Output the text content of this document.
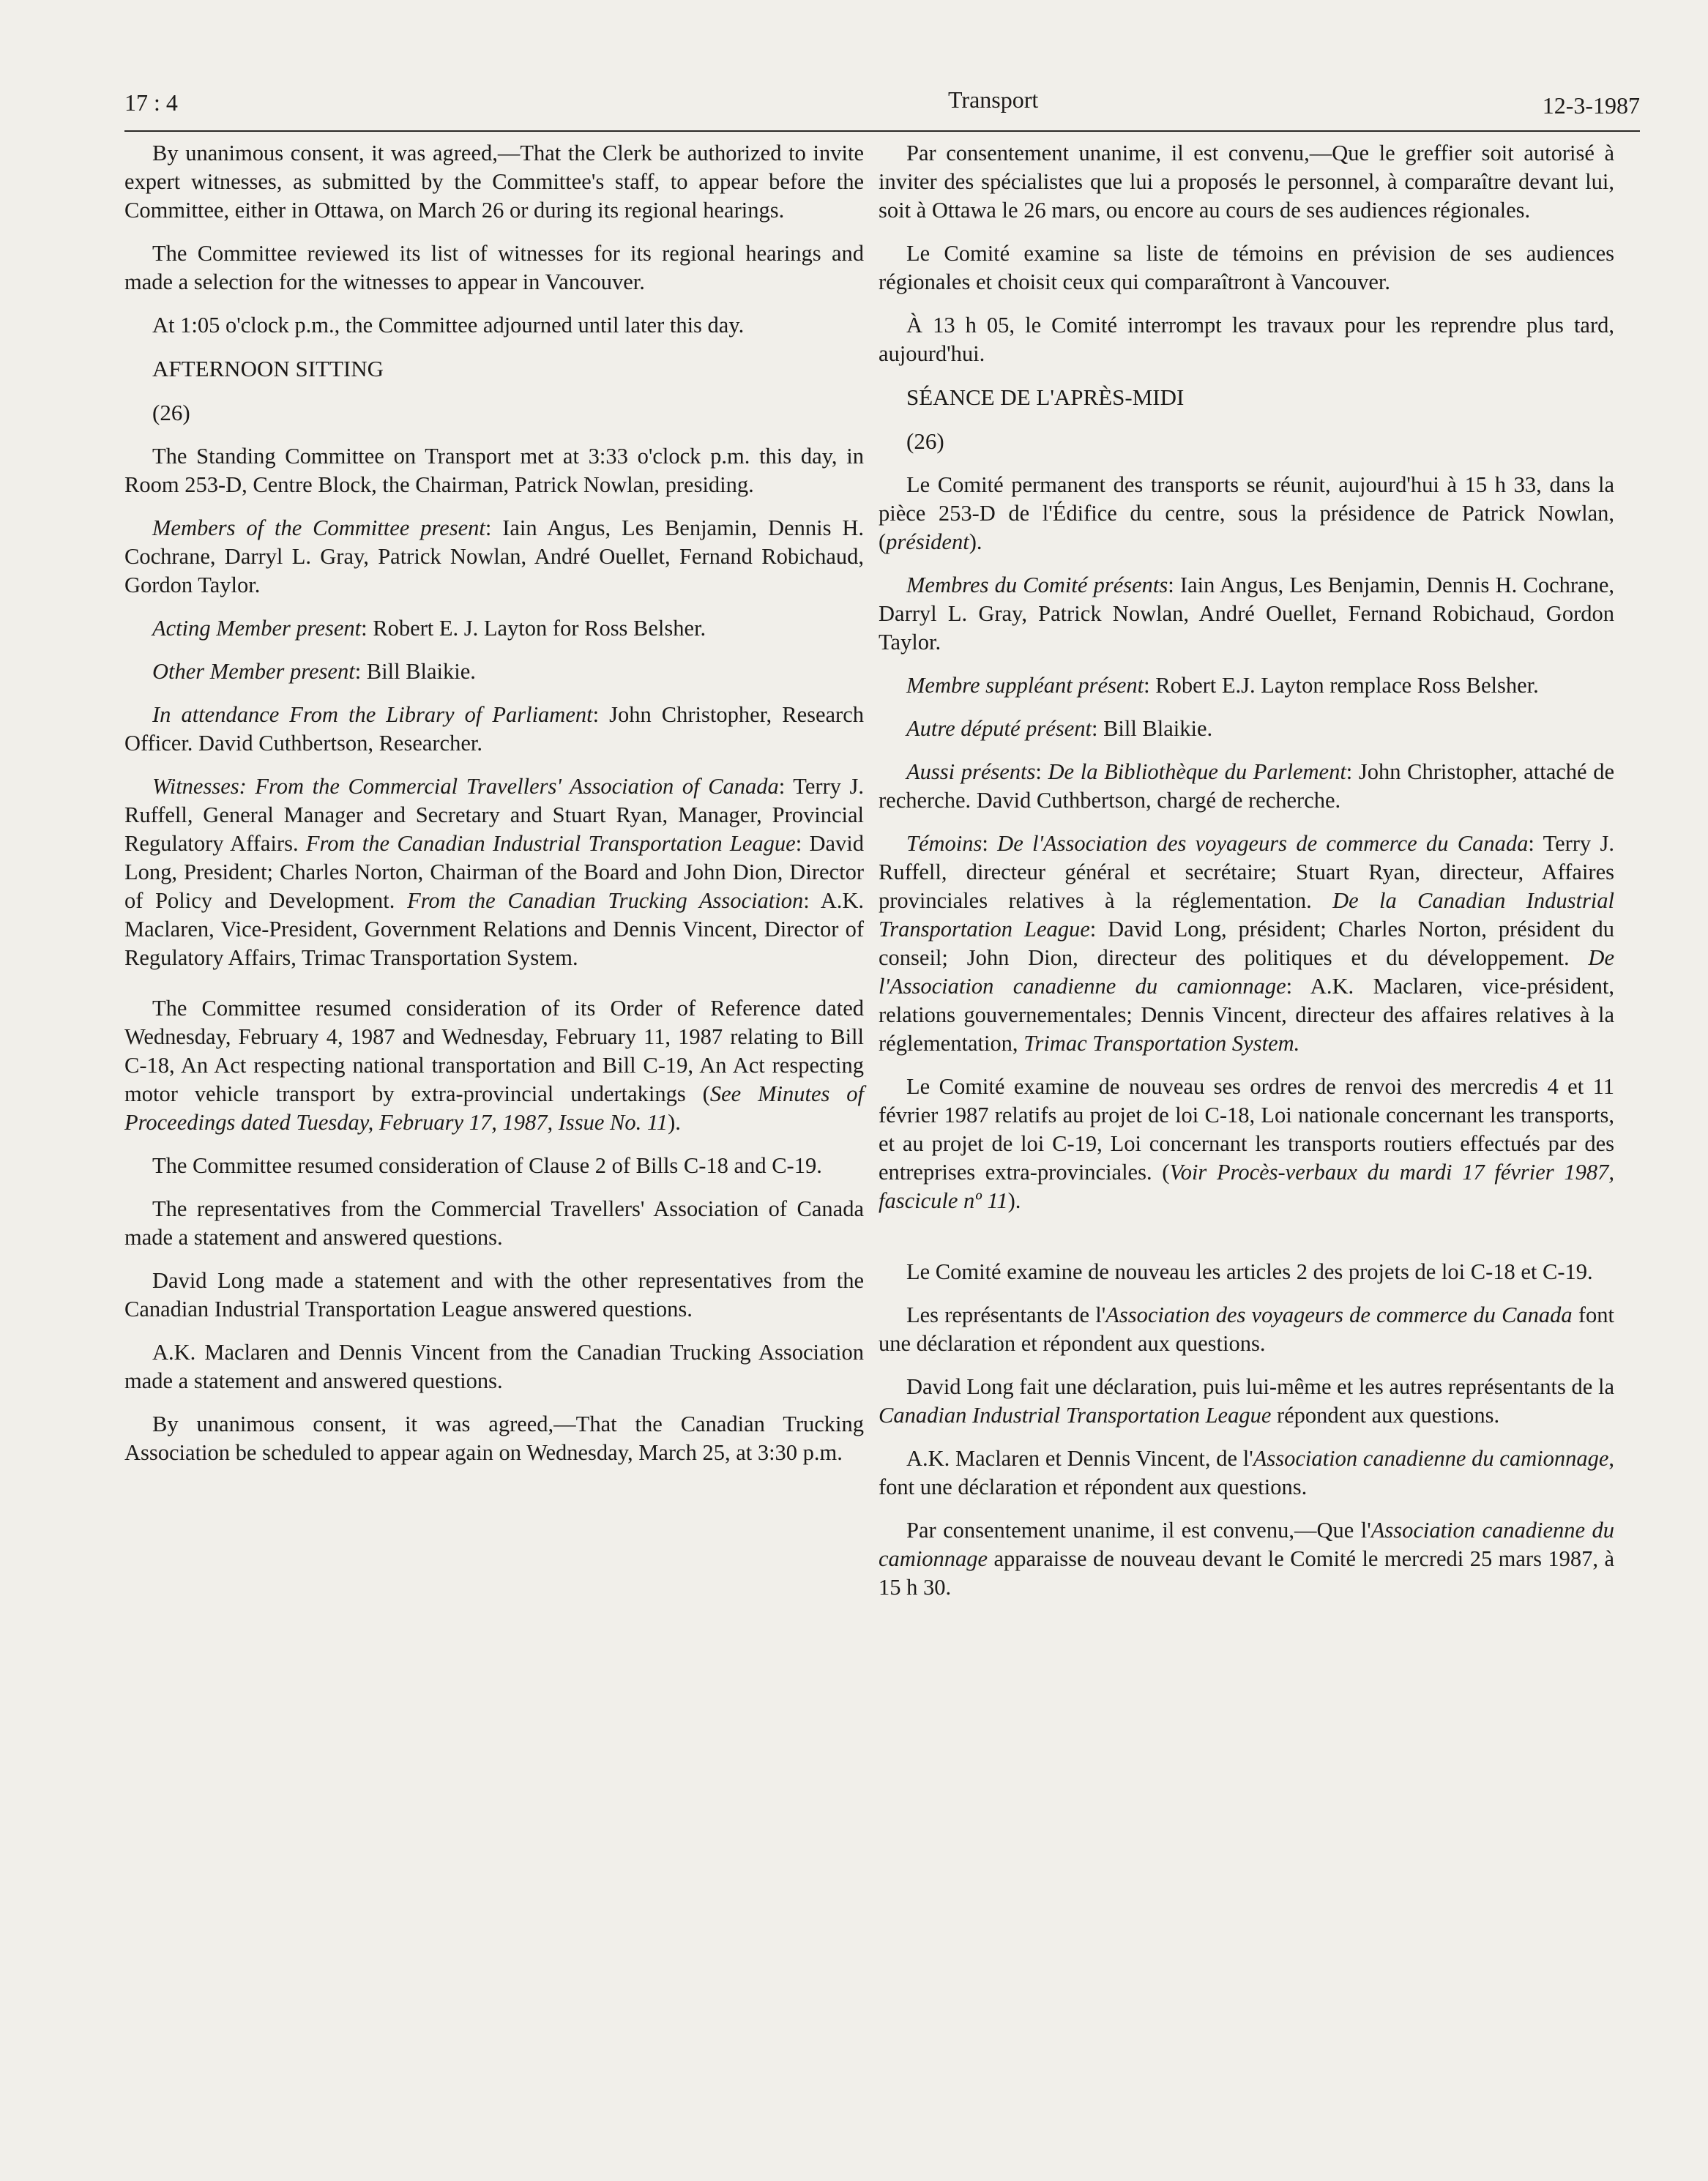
17 : 4	Transport	12-3-1987

By unanimous consent, it was agreed,—That the Clerk be authorized to invite expert witnesses, as submitted by the Committee's staff, to appear before the Committee, either in Ottawa, on March 26 or during its regional hearings.

The Committee reviewed its list of witnesses for its regional hearings and made a selection for the witnesses to appear in Vancouver.

At 1:05 o'clock p.m., the Committee adjourned until later this day.

AFTERNOON SITTING

(26)

The Standing Committee on Transport met at 3:33 o'clock p.m. this day, in Room 253-D, Centre Block, the Chairman, Patrick Nowlan, presiding.

Members of the Committee present: Iain Angus, Les Benjamin, Dennis H. Cochrane, Darryl L. Gray, Patrick Nowlan, André Ouellet, Fernand Robichaud, Gordon Taylor.

Acting Member present: Robert E. J. Layton for Ross Belsher.

Other Member present: Bill Blaikie.

In attendance From the Library of Parliament: John Christopher, Research Officer. David Cuthbertson, Researcher.

Witnesses: From the Commercial Travellers' Association of Canada: Terry J. Ruffell, General Manager and Secretary and Stuart Ryan, Manager, Provincial Regulatory Affairs. From the Canadian Industrial Transportation League: David Long, President; Charles Norton, Chairman of the Board and John Dion, Director of Policy and Development. From the Canadian Trucking Association: A.K. Maclaren, Vice-President, Government Relations and Dennis Vincent, Director of Regulatory Affairs, Trimac Transportation System.

The Committee resumed consideration of its Order of Reference dated Wednesday, February 4, 1987 and Wednesday, February 11, 1987 relating to Bill C-18, An Act respecting national transportation and Bill C-19, An Act respecting motor vehicle transport by extra-provincial undertakings (See Minutes of Proceedings dated Tuesday, February 17, 1987, Issue No. 11).

The Committee resumed consideration of Clause 2 of Bills C-18 and C-19.

The representatives from the Commercial Travellers' Association of Canada made a statement and answered questions.

David Long made a statement and with the other representatives from the Canadian Industrial Transportation League answered questions.

A.K. Maclaren and Dennis Vincent from the Canadian Trucking Association made a statement and answered questions.

By unanimous consent, it was agreed,—That the Canadian Trucking Association be scheduled to appear again on Wednesday, March 25, at 3:30 p.m.

Par consentement unanime, il est convenu,—Que le greffier soit autorisé à inviter des spécialistes que lui a proposés le personnel, à comparaître devant lui, soit à Ottawa le 26 mars, ou encore au cours de ses audiences régionales.

Le Comité examine sa liste de témoins en prévision de ses audiences régionales et choisit ceux qui comparaîtront à Vancouver.

À 13 h 05, le Comité interrompt les travaux pour les reprendre plus tard, aujourd'hui.

SÉANCE DE L'APRÈS-MIDI

(26)

Le Comité permanent des transports se réunit, aujourd'hui à 15 h 33, dans la pièce 253-D de l'Édifice du centre, sous la présidence de Patrick Nowlan, (président).

Membres du Comité présents: Iain Angus, Les Benjamin, Dennis H. Cochrane, Darryl L. Gray, Patrick Nowlan, André Ouellet, Fernand Robichaud, Gordon Taylor.

Membre suppléant présent: Robert E.J. Layton remplace Ross Belsher.

Autre député présent: Bill Blaikie.

Aussi présents: De la Bibliothèque du Parlement: John Christopher, attaché de recherche. David Cuthbertson, chargé de recherche.

Témoins: De l'Association des voyageurs de commerce du Canada: Terry J. Ruffell, directeur général et secrétaire; Stuart Ryan, directeur, Affaires provinciales relatives à la réglementation. De la Canadian Industrial Transportation League: David Long, président; Charles Norton, président du conseil; John Dion, directeur des politiques et du développement. De l'Association canadienne du camionnage: A.K. Maclaren, vice-président, relations gouvernementales; Dennis Vincent, directeur des affaires relatives à la réglementation, Trimac Transportation System.

Le Comité examine de nouveau ses ordres de renvoi des mercredis 4 et 11 février 1987 relatifs au projet de loi C-18, Loi nationale concernant les transports, et au projet de loi C-19, Loi concernant les transports routiers effectués par des entreprises extra-provinciales. (Voir Procès-verbaux du mardi 17 février 1987, fascicule nº 11).

Le Comité examine de nouveau les articles 2 des projets de loi C-18 et C-19.

Les représentants de l'Association des voyageurs de commerce du Canada font une déclaration et répondent aux questions.

David Long fait une déclaration, puis lui-même et les autres représentants de la Canadian Industrial Transportation League répondent aux questions.

A.K. Maclaren et Dennis Vincent, de l'Association canadienne du camionnage, font une déclaration et répondent aux questions.

Par consentement unanime, il est convenu,—Que l'Association canadienne du camionnage apparaisse de nouveau devant le Comité le mercredi 25 mars 1987, à 15 h 30.
